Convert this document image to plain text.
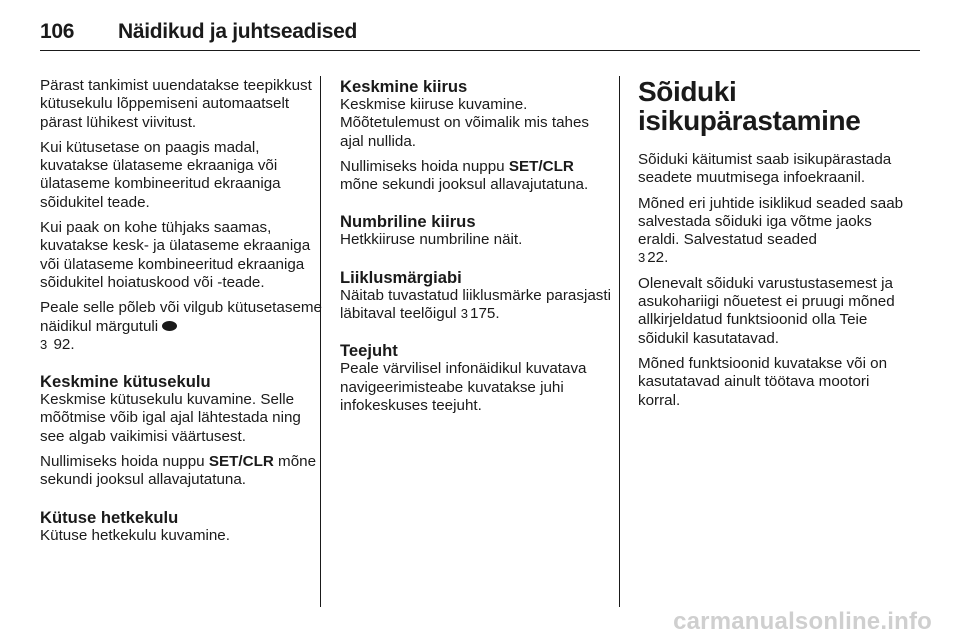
106 Näidikud ja juhtseadised

Pärast tankimist uuendatakse teepikkust kütusekulu lõppemiseni automaatselt pärast lühikest viivitust.

Kui kütusetase on paagis madal, kuvatakse ülataseme ekraaniga või ülataseme kombineeritud ekraaniga sõidukitel teade.

Kui paak on kohe tühjaks saamas, kuvatakse kesk- ja ülataseme ekraaniga või ülataseme kombineeritud ekraaniga sõidukitel hoiatuskood või -teade.

Peale selle põleb või vilgub kütusetaseme näidikul märgutuli
3 92.

Keskmine kütusekulu

Keskmise kütusekulu kuvamine. Selle mõõtmise võib igal ajal lähtestada ning see algab vaikimisi väärtusest.

Nullimiseks hoida nuppu SET/CLR mõne sekundi jooksul allavajutatuna.

Kütuse hetkekulu

Kütuse hetkekulu kuvamine.

Keskmine kiirus

Keskmise kiiruse kuvamine. Mõõtetulemust on võimalik mis tahes ajal nullida.

Nullimiseks hoida nuppu SET/CLR mõne sekundi jooksul allavajutatuna.

Numbriline kiirus

Hetkkiiruse numbriline näit.

Liiklusmärgiabi

Näitab tuvastatud liiklusmärke parasjasti läbitaval teelõigul 3 175.

Teejuht

Peale värvilisel infonäidikul kuvatava navigeerimisteabe kuvatakse juhi infokeskuses teejuht.

Sõiduki isikupärastamine

Sõiduki käitumist saab isikupärastada seadete muutmisega infoekraanil.

Mõned eri juhtide isiklikud seaded saab salvestada sõiduki iga võtme jaoks eraldi. Salvestatud seaded
3 22.

Olenevalt sõiduki varustustasemest ja asukohariigi nõuetest ei pruugi mõned allkirjeldatud funktsioonid olla Teie sõidukil kasutatavad.

Mõned funktsioonid kuvatakse või on kasutatavad ainult töötava mootori korral.

carmanualsonline.info
